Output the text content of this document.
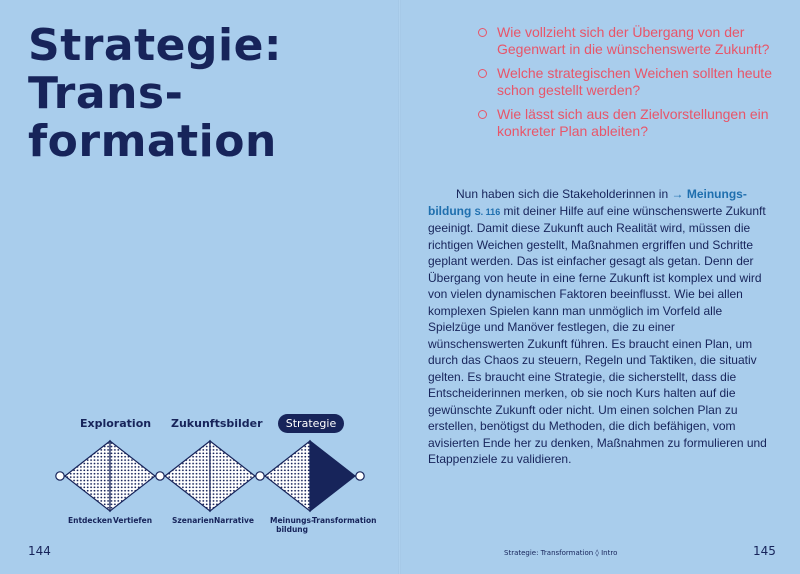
Strategie:
Trans-
formation
Exploration Zukunftsbilder	Strategie
Entdecken Vertiefen	Szenarien Narrative Meinungs-
bildung
Transformation
144
Wie vollzieht sich der Übergang von der Gegenwart in die wünschenswerte Zukunft?
Welche strategischen Weichen sollten heute schon gestellt werden?
Wie lässt sich aus den Zielvorstellungen ein konkreter Plan ableiten?

Nun haben sich die Stakeholderinnen in → Meinungs-bildung S. 116 mit deiner Hilfe auf eine wünschenswerte Zukunft geeinigt. Damit diese Zukunft auch Realität wird, müssen die richtigen Weichen gestellt, Maßnahmen ergriffen und Schritte geplant werden. Das ist einfacher gesagt als getan. Denn der Übergang von heute in eine ferne Zukunft ist komplex und wird von vielen dynamischen Faktoren beeinflusst. Wie bei allen komplexen Spielen kann man unmöglich im Vorfeld alle Spielzüge und Manöver festlegen, die zu einer wünschenswerten Zukunft führen. Es braucht einen Plan, um durch das Chaos zu steuern, Regeln und Taktiken, die situativ gelten. Es braucht eine Strategie, die sicherstellt, dass die Entscheiderinnen merken, ob sie noch Kurs halten auf die gewünschte Zukunft oder nicht. Um einen solchen Plan zu erstellen, benötigst du Methoden, die dich befähigen, vom avisierten Ende her zu denken, Maßnahmen zu formulieren und Etappenziele zu validieren.

Strategie: Transformation ◊ Intro	145
